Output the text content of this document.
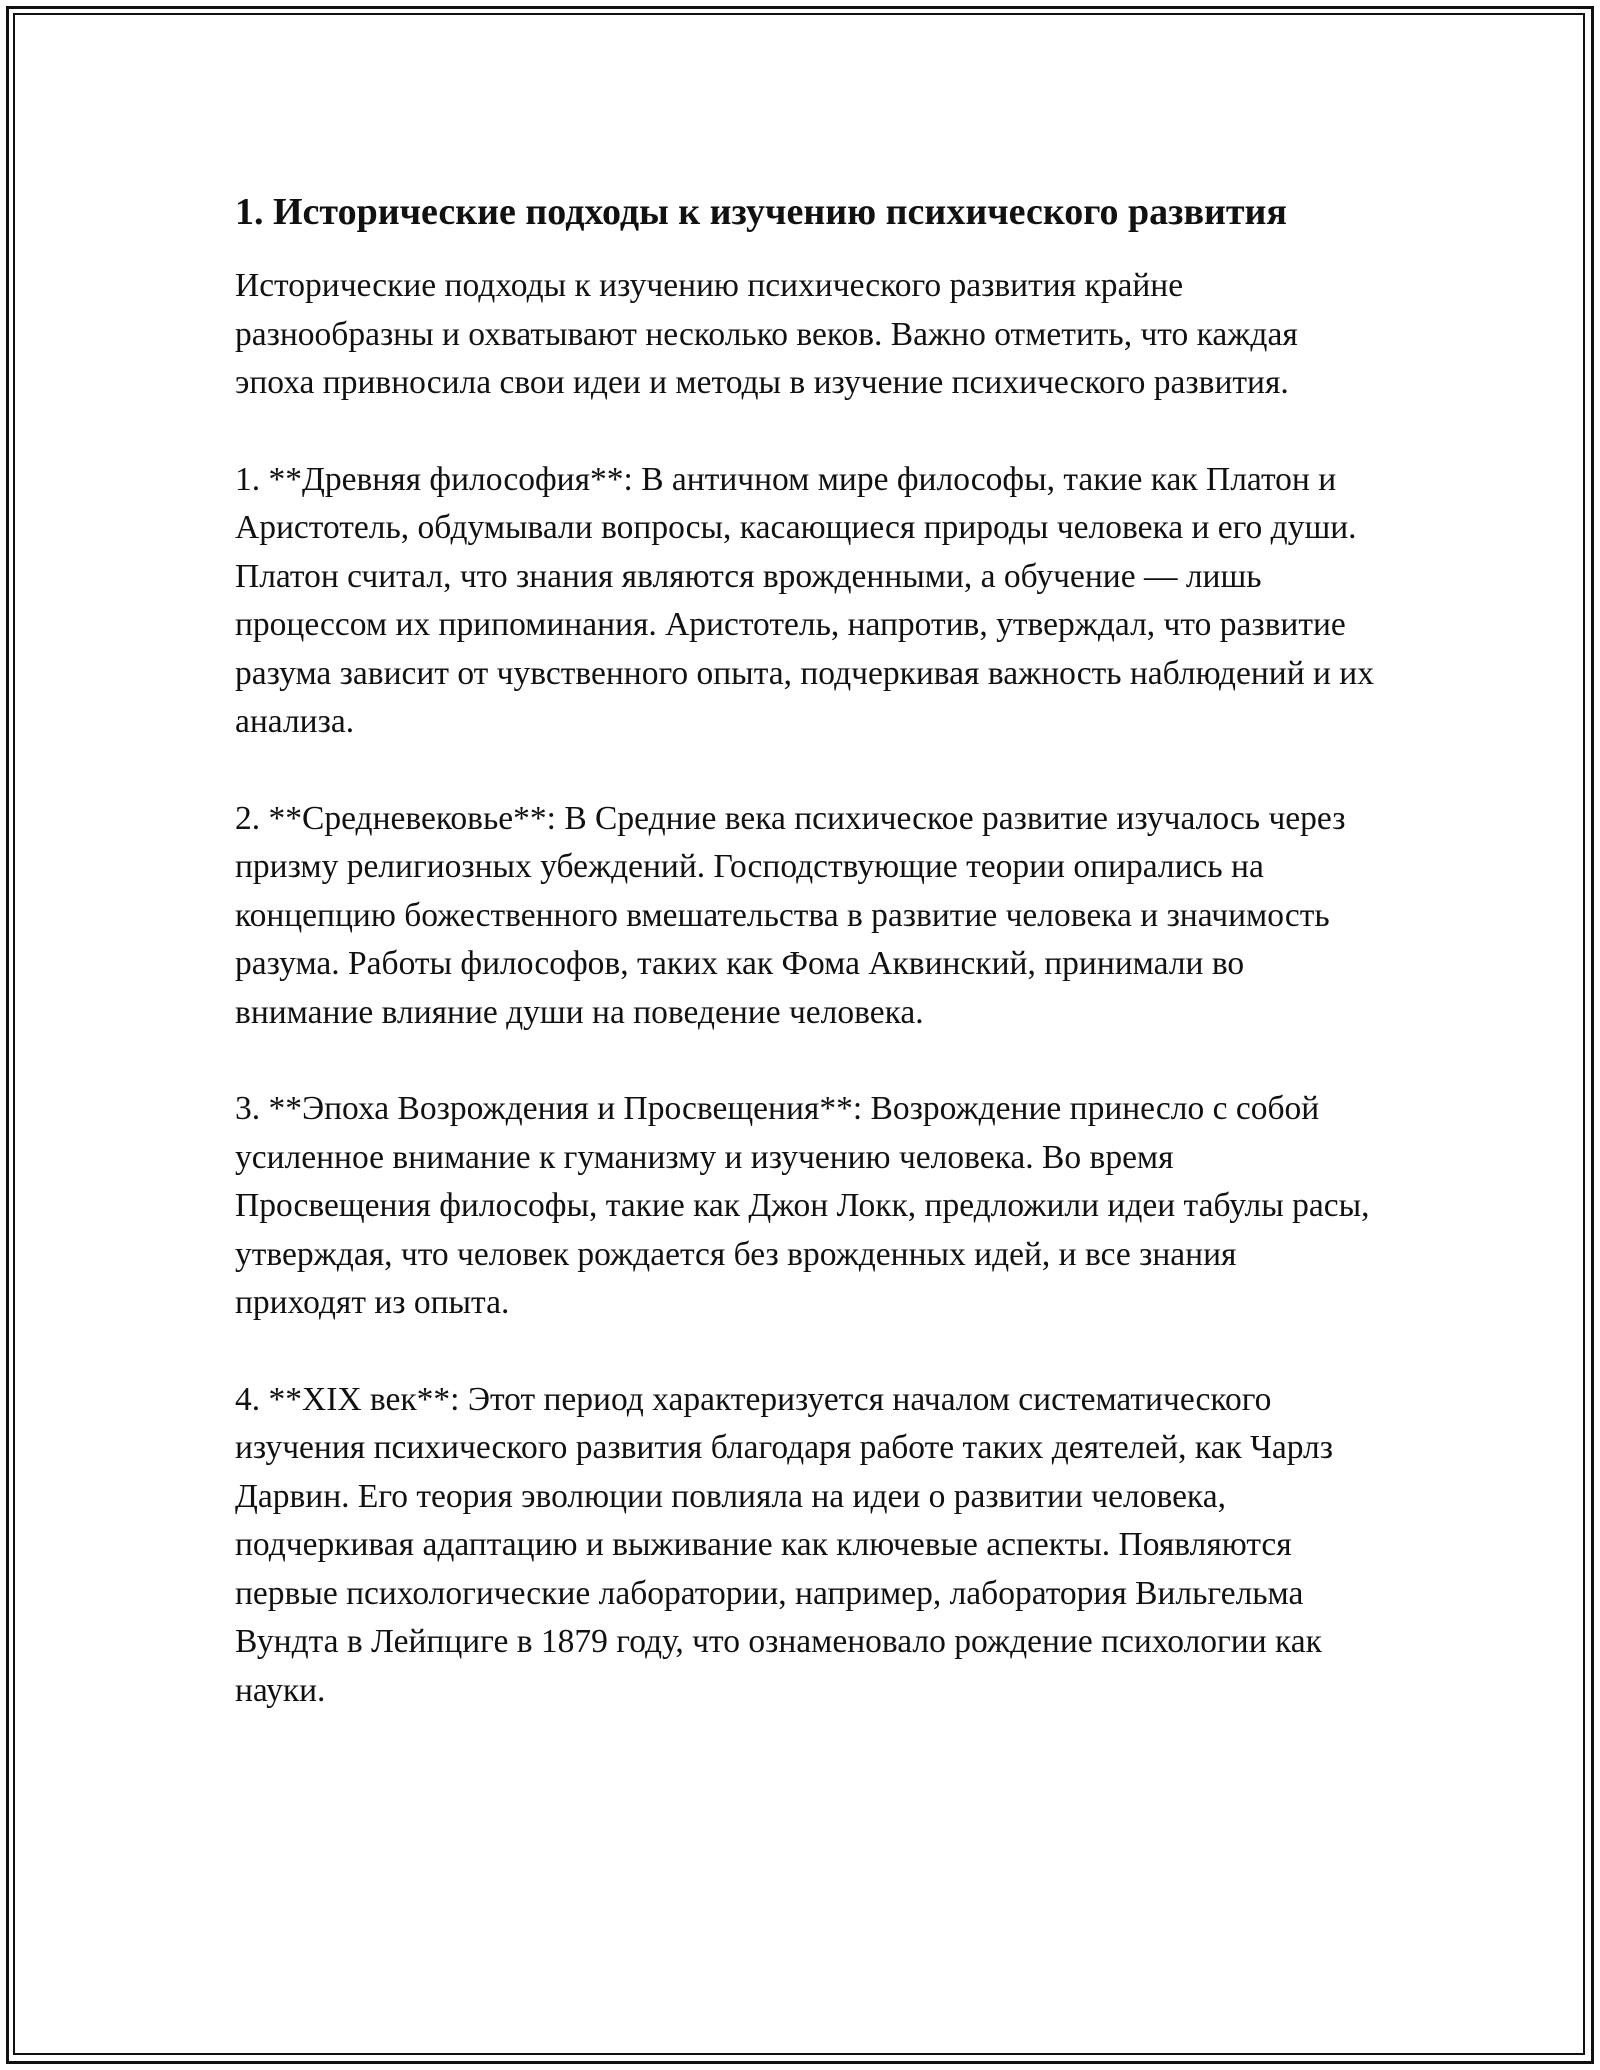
1. Исторические подходы к изучению психического развития

Исторические подходы к изучению психического развития крайне разнообразны и охватывают несколько веков. Важно отметить, что каждая эпоха привносила свои идеи и методы в изучение психического развития.

1. **Древняя философия**: В античном мире философы, такие как Платон и Аристотель, обдумывали вопросы, касающиеся природы человека и его души. Платон считал, что знания являются врожденными, а обучение — лишь процессом их припоминания. Аристотель, напротив, утверждал, что развитие разума зависит от чувственного опыта, подчеркивая важность наблюдений и их анализа.

2. **Средневековье**: В Средние века психическое развитие изучалось через призму религиозных убеждений. Господствующие теории опирались на концепцию божественного вмешательства в развитие человека и значимость разума. Работы философов, таких как Фома Аквинский, принимали во внимание влияние души на поведение человека.

3. **Эпоха Возрождения и Просвещения**: Возрождение принесло с собой усиленное внимание к гуманизму и изучению человека. Во время Просвещения философы, такие как Джон Локк, предложили идеи табулы расы, утверждая, что человек рождается без врожденных идей, и все знания приходят из опыта.

4. **XIX век**: Этот период характеризуется началом систематического изучения психического развития благодаря работе таких деятелей, как Чарлз Дарвин. Его теория эволюции повлияла на идеи о развитии человека, подчеркивая адаптацию и выживание как ключевые аспекты. Появляются первые психологические лаборатории, например, лаборатория Вильгельма Вундта в Лейпциге в 1879 году, что ознаменовало рождение психологии как науки.
